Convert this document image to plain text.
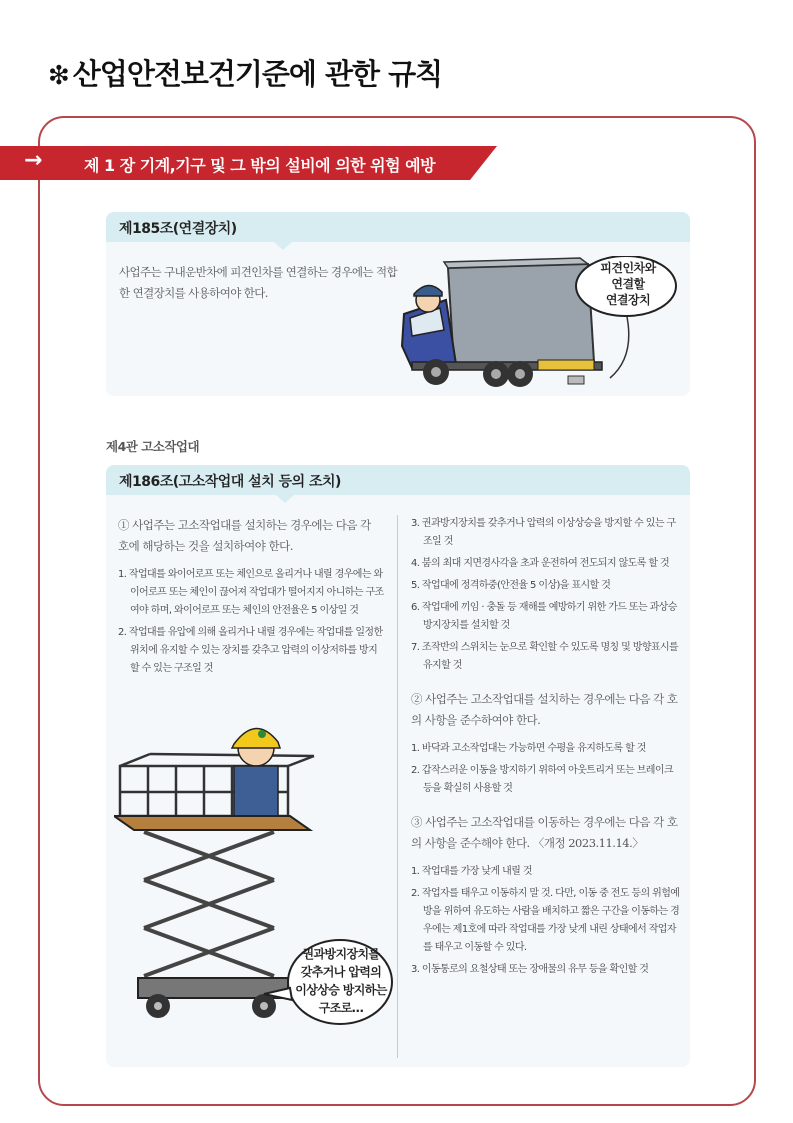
❇ 산업안전보건기준에 관한 규칙
→	제 1 장 기계,기구 및 그 밖의 설비에 의한 위험 예방
제185조(연결장치)
사업주는 구내운반차에 피견인차를 연결하는 경우에는 적합한 연결장치를 사용하여야 한다.
피견인차와
연결할
연결장치
제4관 고소작업대
제186조(고소작업대 설치 등의 조치)
① 사업주는 고소작업대를 설치하는 경우에는 다음 각 호에 해당하는 것을 설치하여야 한다.
1. 작업대를 와이어로프 또는 체인으로 올리거나 내릴 경우에는 와이어로프 또는 체인이 끊어져 작업대가 떨어지지 아니하는 구조여야 하며, 와이어로프 또는 체인의 안전율은 5 이상일 것
2. 작업대를 유압에 의해 올리거나 내릴 경우에는 작업대를 일정한 위치에 유지할 수 있는 장치를 갖추고 압력의 이상저하를 방지할 수 있는 구조일 것
3. 권과방지장치를 갖추거나 압력의 이상상승을 방지할 수 있는 구조일 것
4. 붐의 최대 지면경사각을 초과 운전하여 전도되지 않도록 할 것
5. 작업대에 정격하중(안전율 5 이상)을 표시할 것
6. 작업대에 끼임 · 충돌 등 재해를 예방하기 위한 가드 또는 과상승방지장치를 설치할 것
7. 조작반의 스위치는 눈으로 확인할 수 있도록 명칭 및 방향표시를 유지할 것
② 사업주는 고소작업대를 설치하는 경우에는 다음 각 호의 사항을 준수하여야 한다.
1. 바닥과 고소작업대는 가능하면 수평을 유지하도록 할 것
2. 갑작스러운 이동을 방지하기 위하여 아웃트리거 또는 브레이크 등을 확실히 사용할 것
③ 사업주는 고소작업대를 이동하는 경우에는 다음 각 호의 사항을 준수해야 한다. 〈개정 2023.11.14.〉
1. 작업대를 가장 낮게 내릴 것
2. 작업자를 태우고 이동하지 말 것. 다만, 이동 중 전도 등의 위험예방을 위하여 유도하는 사람을 배치하고 짧은 구간을 이동하는 경우에는 제1호에 따라 작업대를 가장 낮게 내린 상태에서 작업자를 태우고 이동할 수 있다.
3. 이동통로의 요철상태 또는 장애물의 유무 등을 확인할 것
권과방지장치를
갖추거나 압력의
이상상승 방지하는
구조로…
